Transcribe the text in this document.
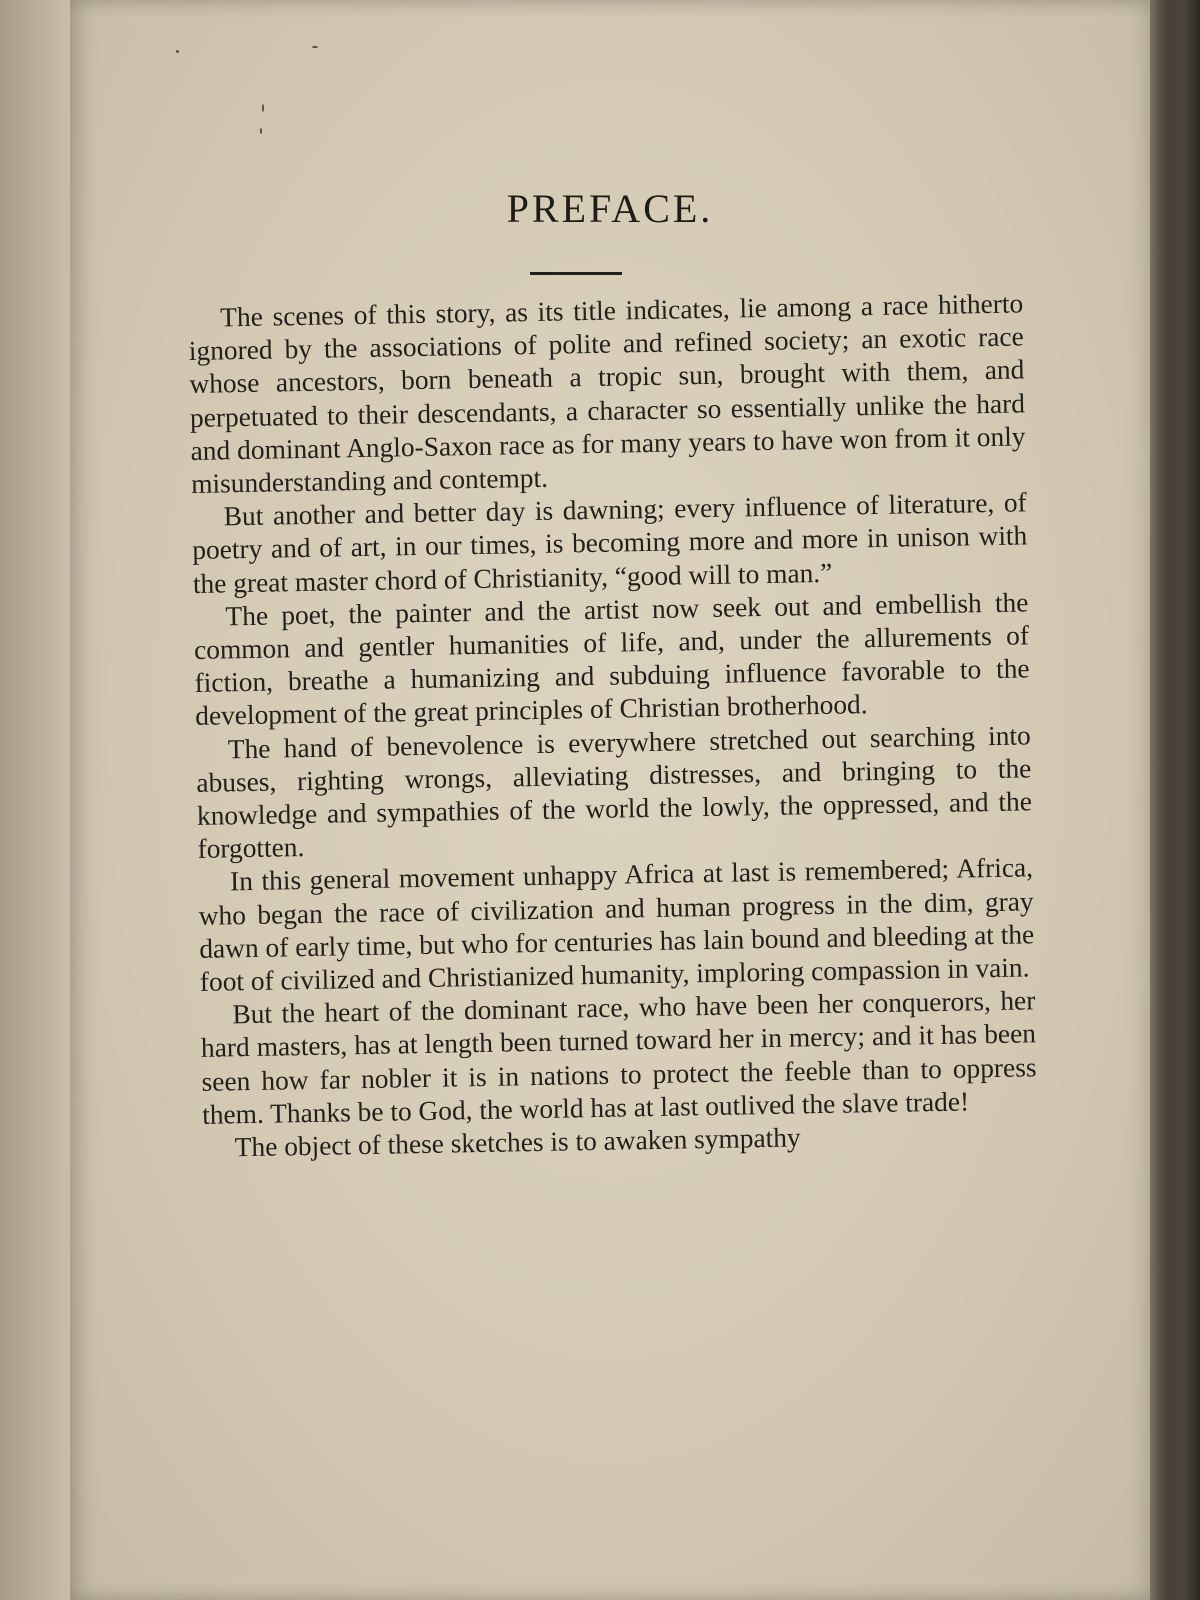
PREFACE.

The scenes of this story, as its title indicates, lie among a race hitherto ignored by the associations of polite and refined society; an exotic race whose ancestors, born beneath a tropic sun, brought with them, and perpetuated to their descendants, a character so essentially unlike the hard and dominant Anglo-Saxon race as for many years to have won from it only misunderstanding and contempt.

But another and better day is dawning; every influence of literature, of poetry and of art, in our times, is becoming more and more in unison with the great master chord of Christianity, “good will to man.”

The poet, the painter and the artist now seek out and embellish the common and gentler humanities of life, and, under the allurements of fiction, breathe a humanizing and subduing influence favorable to the development of the great principles of Christian brotherhood.

The hand of benevolence is everywhere stretched out searching into abuses, righting wrongs, alleviating distresses, and bringing to the knowledge and sympathies of the world the lowly, the oppressed, and the forgotten.

In this general movement unhappy Africa at last is remembered; Africa, who began the race of civilization and human progress in the dim, gray dawn of early time, but who for centuries has lain bound and bleeding at the foot of civilized and Christianized humanity, imploring compassion in vain.

But the heart of the dominant race, who have been her conquerors, her hard masters, has at length been turned toward her in mercy; and it has been seen how far nobler it is in nations to protect the feeble than to oppress them. Thanks be to God, the world has at last outlived the slave trade!

The object of these sketches is to awaken sympathy
